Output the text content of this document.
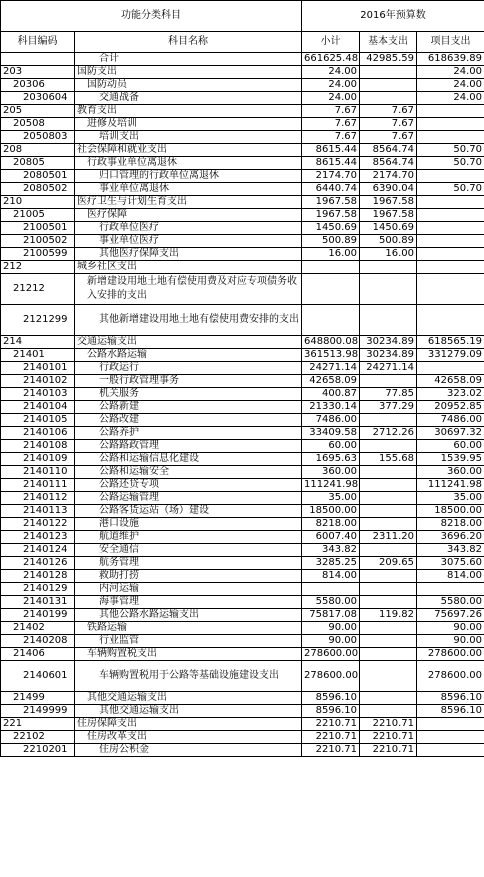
功能分类科目		2016年预算数		
科目编码	科目名称	小计	基本支出	项目支出
	合计	661625.48	42985.59	618639.89
203	国防支出	24.00		24.00
20306	国防动员	24.00		24.00
2030604	交通战备	24.00		24.00
205	教育支出	7.67	7.67	
20508	进修及培训	7.67	7.67	
2050803	培训支出	7.67	7.67	
208	社会保障和就业支出	8615.44	8564.74	50.70
20805	行政事业单位离退休	8615.44	8564.74	50.70
2080501	归口管理的行政单位离退休	2174.70	2174.70	
2080502	事业单位离退休	6440.74	6390.04	50.70
210	医疗卫生与计划生育支出	1967.58	1967.58	
21005	医疗保障	1967.58	1967.58	
2100501	行政单位医疗	1450.69	1450.69	
2100502	事业单位医疗	500.89	500.89	
2100599	其他医疗保障支出	16.00	16.00	
212	城乡社区支出			
21212	新增建设用地土地有偿使用费及对应专项债务收入安排的支出			
2121299	其他新增建设用地土地有偿使用费安排的支出			
214	交通运输支出	648800.08	30234.89	618565.19
21401	公路水路运输	361513.98	30234.89	331279.09
2140101	行政运行	24271.14	24271.14	
2140102	一般行政管理事务	42658.09		42658.09
2140103	机关服务	400.87	77.85	323.02
2140104	公路新建	21330.14	377.29	20952.85
2140105	公路改建	7486.00		7486.00
2140106	公路养护	33409.58	2712.26	30697.32
2140108	公路路政管理	60.00		60.00
2140109	公路和运输信息化建设	1695.63	155.68	1539.95
2140110	公路和运输安全	360.00		360.00
2140111	公路还贷专项	111241.98		111241.98
2140112	公路运输管理	35.00		35.00
2140113	公路客货运站（场）建设	18500.00		18500.00
2140122	港口设施	8218.00		8218.00
2140123	航道维护	6007.40	2311.20	3696.20
2140124	安全通信	343.82		343.82
2140126	航务管理	3285.25	209.65	3075.60
2140128	救助打捞	814.00		814.00
2140129	内河运输			
2140131	海事管理	5580.00		5580.00
2140199	其他公路水路运输支出	75817.08	119.82	75697.26
21402	铁路运输	90.00		90.00
2140208	行业监管	90.00		90.00
21406	车辆购置税支出	278600.00		278600.00
2140601	车辆购置税用于公路等基础设施建设支出	278600.00		278600.00
21499	其他交通运输支出	8596.10		8596.10
2149999	其他交通运输支出	8596.10		8596.10
221	住房保障支出	2210.71	2210.71	
22102	住房改革支出	2210.71	2210.71	
2210201	住房公积金	2210.71	2210.71	
